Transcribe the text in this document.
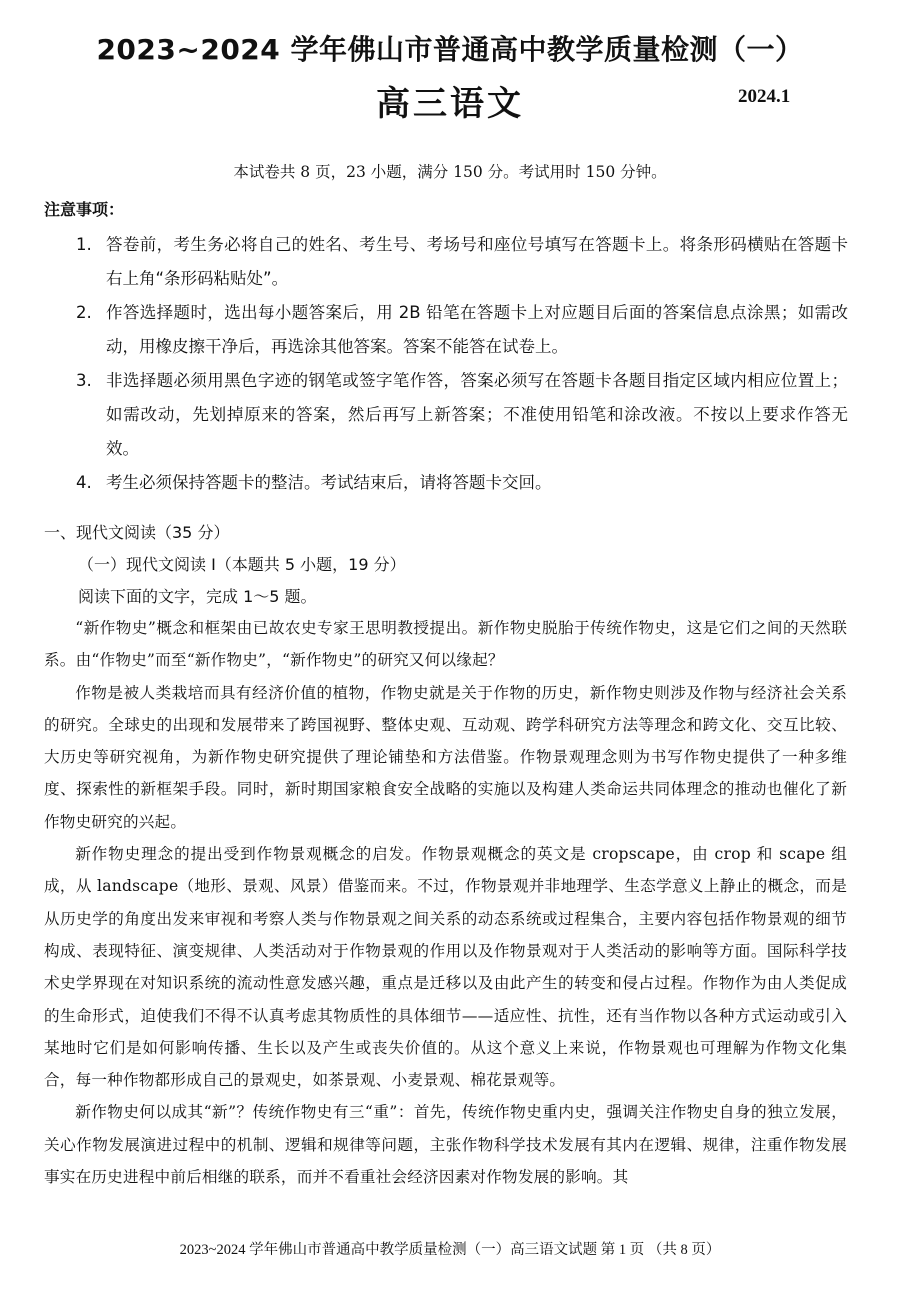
2023~2024 学年佛山市普通高中教学质量检测（一）
高三语文	2024.1
本试卷共 8 页，23 小题，满分 150 分。考试用时 150 分钟。
注意事项：
1. 答卷前，考生务必将自己的姓名、考生号、考场号和座位号填写在答题卡上。将条形码横贴在答题卡右上角“条形码粘贴处”。
2. 作答选择题时，选出每小题答案后，用 2B 铅笔在答题卡上对应题目后面的答案信息点涂黑；如需改动，用橡皮擦干净后，再选涂其他答案。答案不能答在试卷上。
3. 非选择题必须用黑色字迹的钢笔或签字笔作答，答案必须写在答题卡各题目指定区域内相应位置上；如需改动，先划掉原来的答案，然后再写上新答案；不准使用铅笔和涂改液。不按以上要求作答无效。
4. 考生必须保持答题卡的整洁。考试结束后，请将答题卡交回。
一、现代文阅读（35 分）
（一）现代文阅读 I（本题共 5 小题，19 分）
阅读下面的文字，完成 1～5 题。

“新作物史”概念和框架由已故农史专家王思明教授提出。新作物史脱胎于传统作物史，这是它们之间的天然联系。由“作物史”而至“新作物史”，“新作物史”的研究又何以缘起？

作物是被人类栽培而具有经济价值的植物，作物史就是关于作物的历史，新作物史则涉及作物与经济社会关系的研究。全球史的出现和发展带来了跨国视野、整体史观、互动观、跨学科研究方法等理念和跨文化、交互比较、大历史等研究视角，为新作物史研究提供了理论铺垫和方法借鉴。作物景观理念则为书写作物史提供了一种多维度、探索性的新框架手段。同时，新时期国家粮食安全战略的实施以及构建人类命运共同体理念的推动也催化了新作物史研究的兴起。

新作物史理念的提出受到作物景观概念的启发。作物景观概念的英文是 cropscape，由 crop 和 scape 组成，从 landscape（地形、景观、风景）借鉴而来。不过，作物景观并非地理学、生态学意义上静止的概念，而是从历史学的角度出发来审视和考察人类与作物景观之间关系的动态系统或过程集合，主要内容包括作物景观的细节构成、表现特征、演变规律、人类活动对于作物景观的作用以及作物景观对于人类活动的影响等方面。国际科学技术史学界现在对知识系统的流动性意发感兴趣，重点是迁移以及由此产生的转变和侵占过程。作物作为由人类促成的生命形式，迫使我们不得不认真考虑其物质性的具体细节——适应性、抗性，还有当作物以各种方式运动或引入某地时它们是如何影响传播、生长以及产生或丧失价值的。从这个意义上来说，作物景观也可理解为作物文化集合，每一种作物都形成自己的景观史，如茶景观、小麦景观、棉花景观等。

新作物史何以成其“新”？传统作物史有三“重”：首先，传统作物史重内史，强调关注作物史自身的独立发展，关心作物发展演进过程中的机制、逻辑和规律等问题，主张作物科学技术发展有其内在逻辑、规律，注重作物发展事实在历史进程中前后相继的联系，而并不看重社会经济因素对作物发展的影响。其

2023~2024 学年佛山市普通高中教学质量检测（一）高三语文试题 第 1 页 （共 8 页）
